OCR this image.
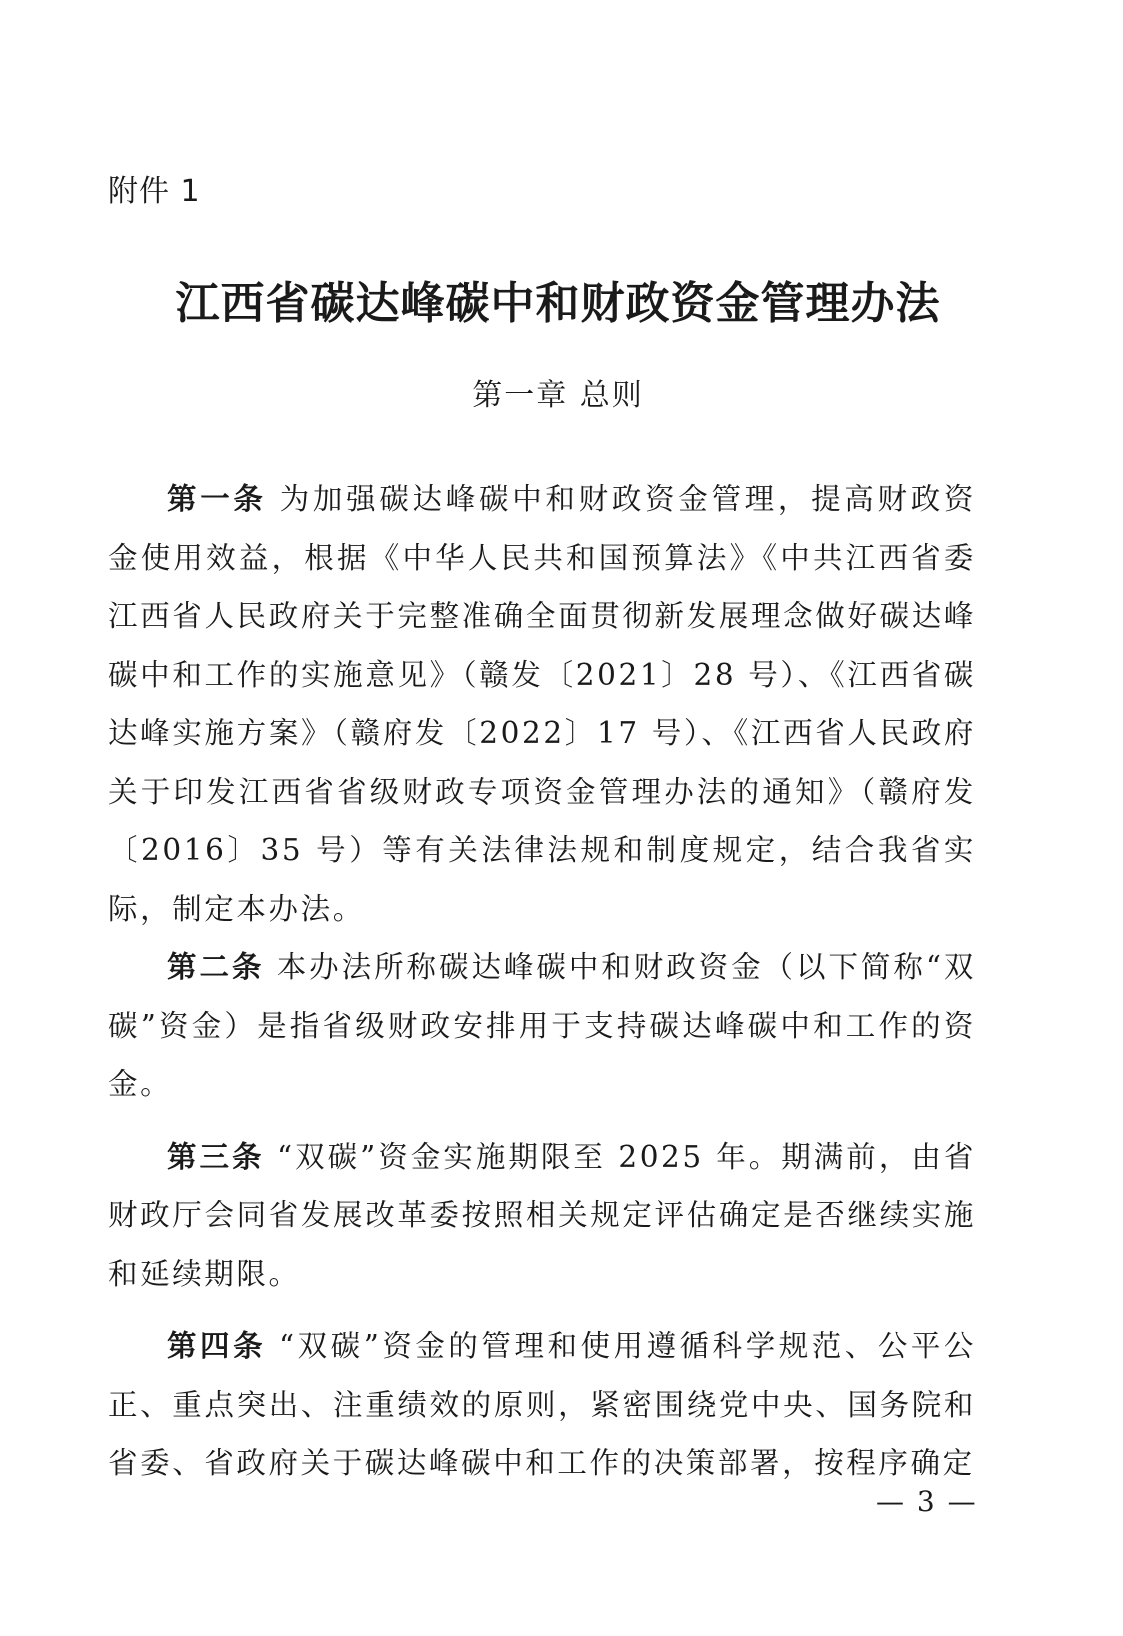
附件 1
江西省碳达峰碳中和财政资金管理办法
第一章 总则

第一条 为加强碳达峰碳中和财政资金管理，提高财政资金使用效益，根据《中华人民共和国预算法》《中共江西省委 江西省人民政府关于完整准确全面贯彻新发展理念做好碳达峰碳中和工作的实施意见》（赣发〔2021〕28 号）、《江西省碳达峰实施方案》（赣府发〔2022〕17 号）、《江西省人民政府关于印发江西省省级财政专项资金管理办法的通知》（赣府发〔2016〕35 号）等有关法律法规和制度规定，结合我省实际，制定本办法。

第二条 本办法所称碳达峰碳中和财政资金（以下简称“双碳”资金）是指省级财政安排用于支持碳达峰碳中和工作的资金。

第三条 “双碳”资金实施期限至 2025 年。期满前，由省财政厅会同省发展改革委按照相关规定评估确定是否继续实施和延续期限。

第四条 “双碳”资金的管理和使用遵循科学规范、公平公正、重点突出、注重绩效的原则，紧密围绕党中央、国务院和省委、省政府关于碳达峰碳中和工作的决策部署，按程序确定

— 3 —
